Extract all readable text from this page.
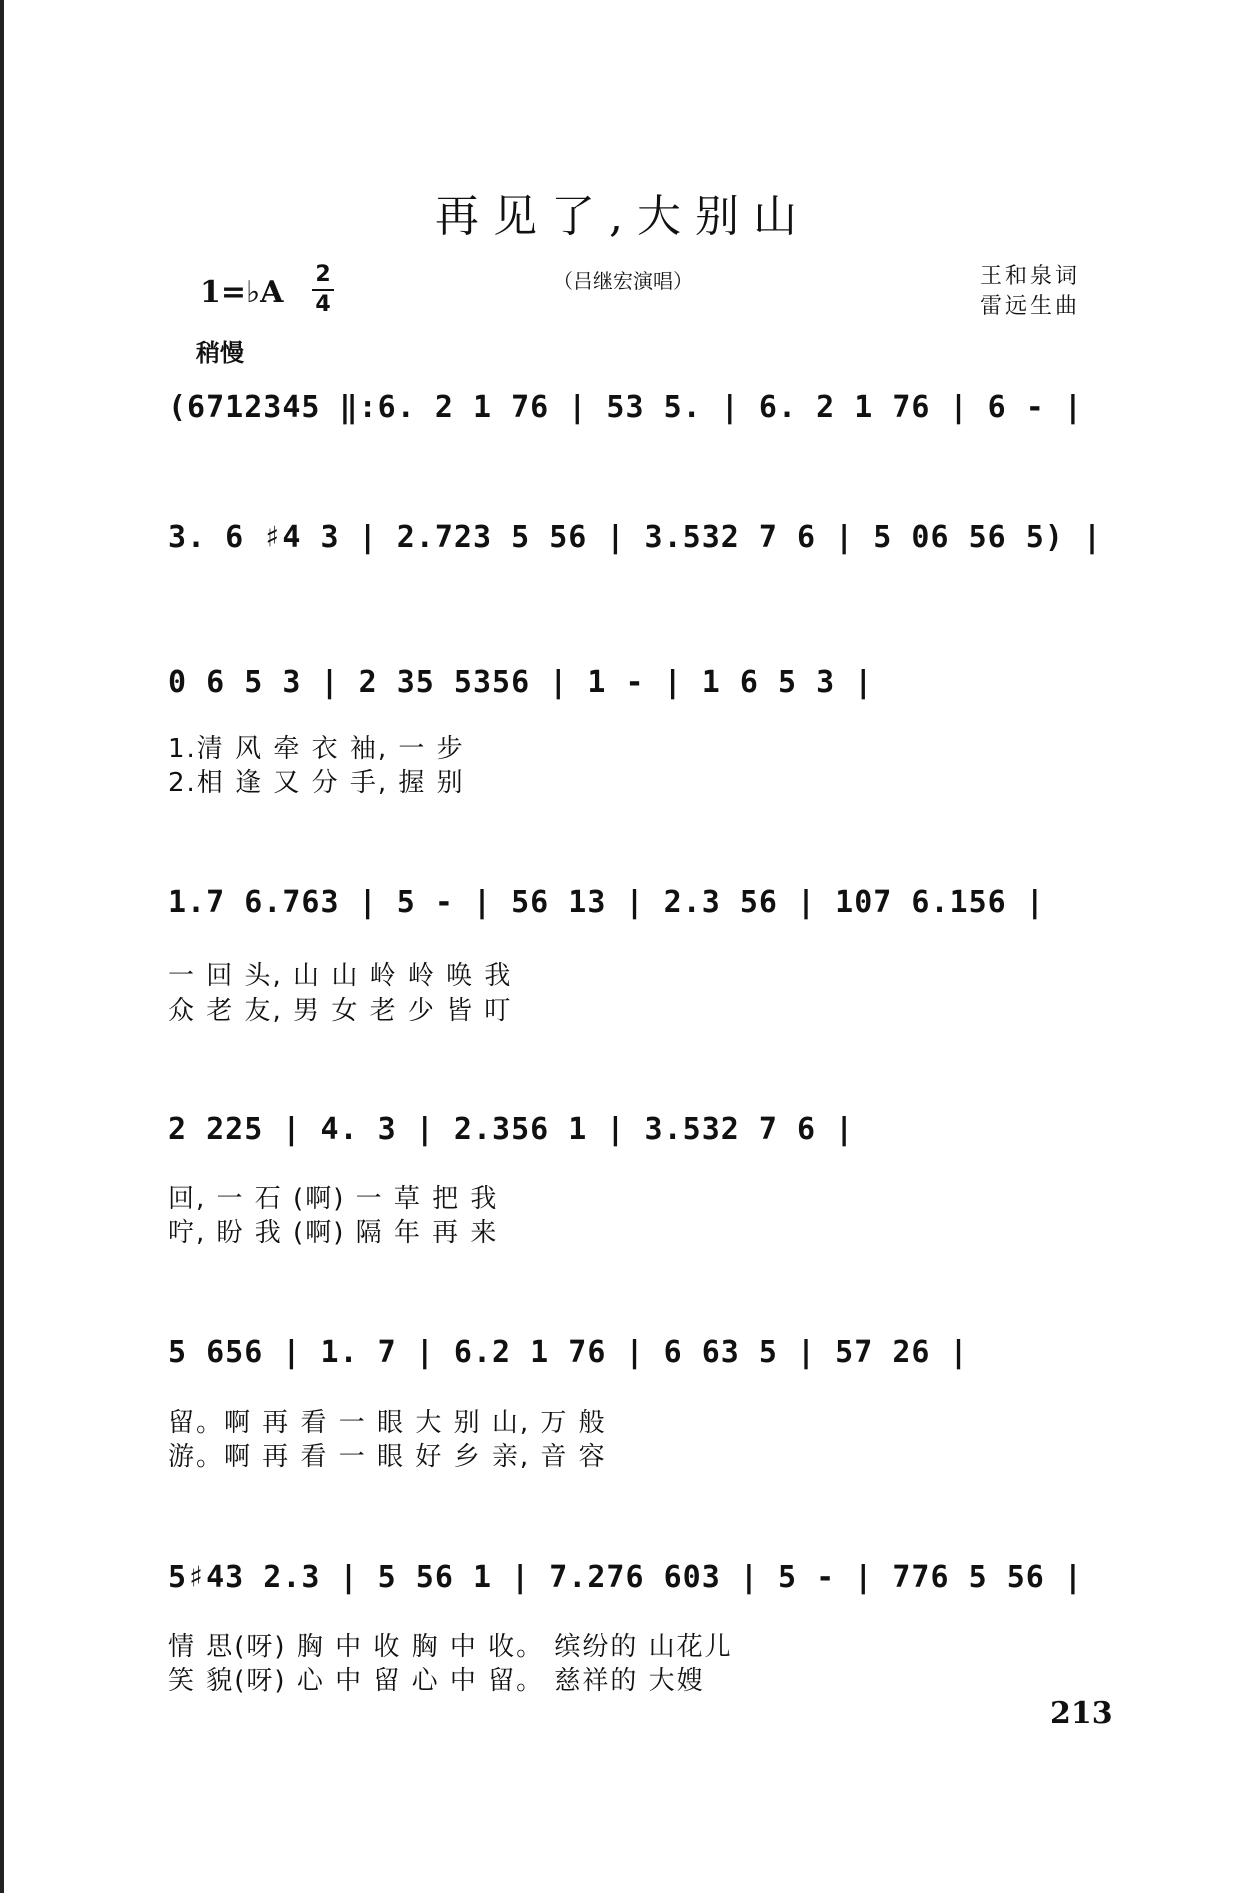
再见了,大别山
1=♭A
2
4
（吕继宏演唱）	王和泉词
雷远生曲
稍慢
(6712345 ‖:6. 2 1 76 | 53 5. | 6. 2 1 76 | 6 - |
3. 6 ♯4 3 | 2.723 5 56 | 3.532 7 6 | 5 06 56 5) |
0 6 5 3 | 2 35 5356 | 1 - | 1 6 5 3 |
1.清 风 牵 衣 袖, 一 步
2.相 逢 又 分 手, 握 别
1.7 6.763 | 5 - | 56 13 | 2.3 56 | 107 6.156 |
一 回 头, 山 山 岭 岭 唤 我
众 老 友, 男 女 老 少 皆 叮
2 225 | 4. 3 | 2.356 1 | 3.532 7 6 |
回, 一 石 (啊) 一 草 把 我
咛, 盼 我 (啊) 隔 年 再 来
5 656 | 1. 7 | 6.2 1 76 | 6 63 5 | 57 26 |
留。啊 再 看 一 眼 大 别 山, 万 般
游。啊 再 看 一 眼 好 乡 亲, 音 容
5♯43 2.3 | 5 56 1 | 7.276 603 | 5 - | 776 5 56 |
情 思(呀) 胸 中 收 胸 中 收。 缤纷的 山花儿
笑 貌(呀) 心 中 留 心 中 留。 慈祥的 大嫂
213
